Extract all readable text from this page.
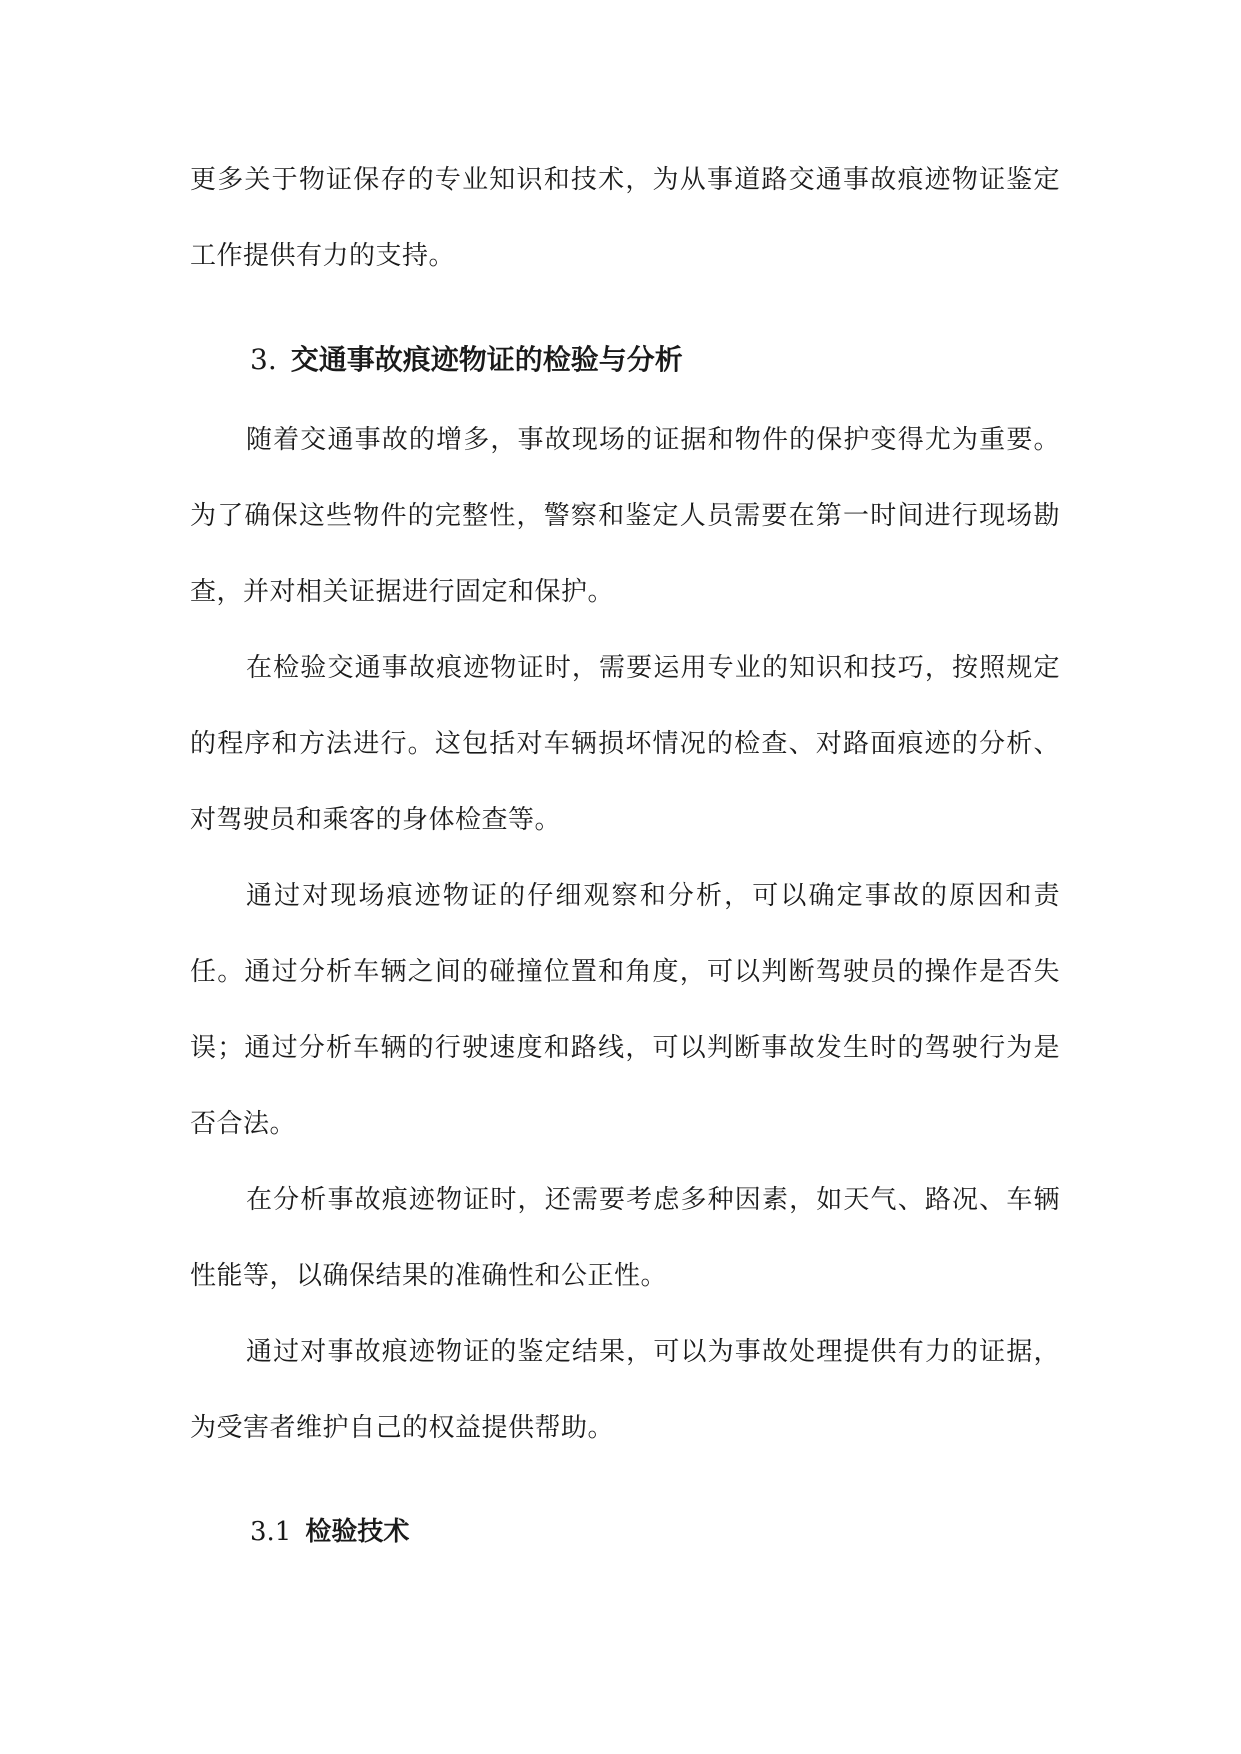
更多关于物证保存的专业知识和技术，为从事道路交通事故痕迹物证鉴定工作提供有力的支持。

3. 交通事故痕迹物证的检验与分析

随着交通事故的增多，事故现场的证据和物件的保护变得尤为重要。为了确保这些物件的完整性，警察和鉴定人员需要在第一时间进行现场勘查，并对相关证据进行固定和保护。

在检验交通事故痕迹物证时，需要运用专业的知识和技巧，按照规定的程序和方法进行。这包括对车辆损坏情况的检查、对路面痕迹的分析、对驾驶员和乘客的身体检查等。

通过对现场痕迹物证的仔细观察和分析，可以确定事故的原因和责任。通过分析车辆之间的碰撞位置和角度，可以判断驾驶员的操作是否失误；通过分析车辆的行驶速度和路线，可以判断事故发生时的驾驶行为是否合法。

在分析事故痕迹物证时，还需要考虑多种因素，如天气、路况、车辆性能等，以确保结果的准确性和公正性。

通过对事故痕迹物证的鉴定结果，可以为事故处理提供有力的证据，为受害者维护自己的权益提供帮助。

3.1 检验技术
